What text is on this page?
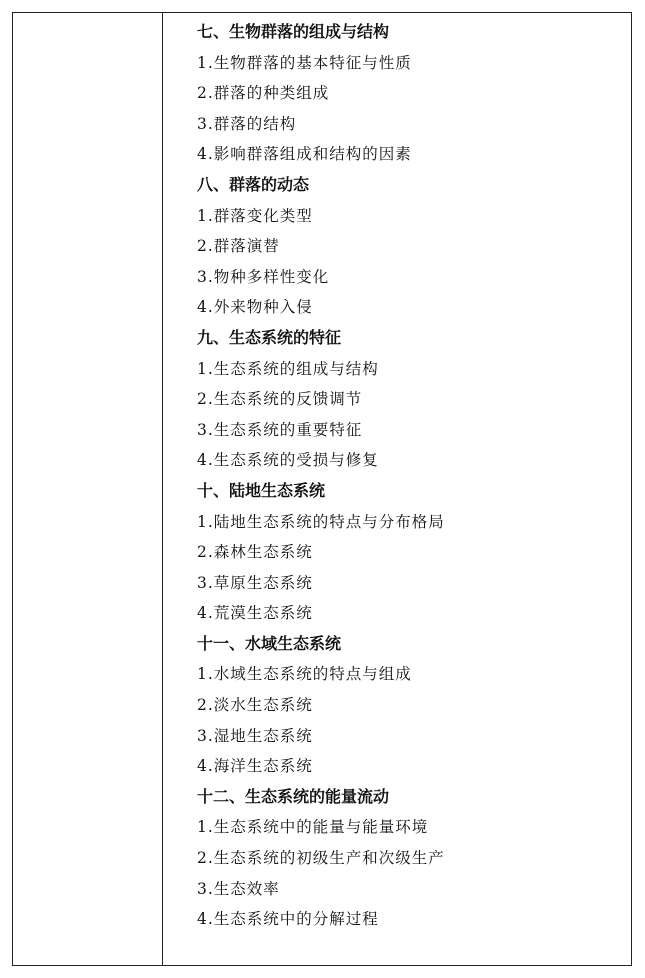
七、生物群落的组成与结构
1.生物群落的基本特征与性质
2.群落的种类组成
3.群落的结构
4.影响群落组成和结构的因素
八、群落的动态
1.群落变化类型
2.群落演替
3.物种多样性变化
4.外来物种入侵
九、生态系统的特征
1.生态系统的组成与结构
2.生态系统的反馈调节
3.生态系统的重要特征
4.生态系统的受损与修复
十、陆地生态系统
1.陆地生态系统的特点与分布格局
2.森林生态系统
3.草原生态系统
4.荒漠生态系统
十一、水域生态系统
1.水域生态系统的特点与组成
2.淡水生态系统
3.湿地生态系统
4.海洋生态系统
十二、生态系统的能量流动
1.生态系统中的能量与能量环境
2.生态系统的初级生产和次级生产
3.生态效率
4.生态系统中的分解过程
